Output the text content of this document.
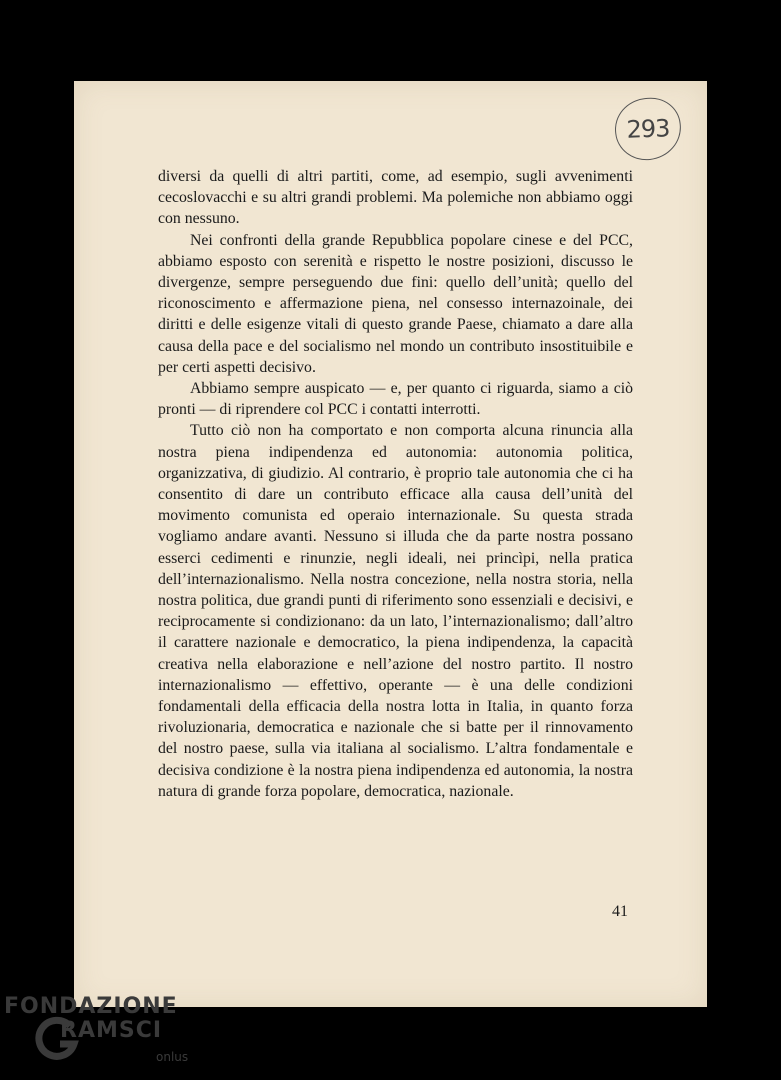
293

diversi da quelli di altri partiti, come, ad esempio, sugli avvenimenti cecoslovacchi e su altri grandi problemi. Ma polemiche non abbiamo oggi con nessuno.

Nei confronti della grande Repubblica popolare cinese e del PCC, abbiamo esposto con serenità e rispetto le nostre posizioni, discusso le divergenze, sempre perseguendo due fini: quello dell’unità; quello del riconoscimento e affermazione piena, nel consesso internazoinale, dei diritti e delle esigenze vitali di questo grande Paese, chiamato a dare alla causa della pace e del socialismo nel mondo un contributo insostituibile e per certi aspetti decisivo.

Abbiamo sempre auspicato — e, per quanto ci riguarda, siamo a ciò pronti — di riprendere col PCC i contatti interrotti.

Tutto ciò non ha comportato e non comporta alcuna rinuncia alla nostra piena indipendenza ed autonomia: autonomia politica, organizzativa, di giudizio. Al contrario, è proprio tale autonomia che ci ha consentito di dare un contributo efficace alla causa dell’unità del movimento comunista ed operaio internazionale. Su questa strada vogliamo andare avanti. Nessuno si illuda che da parte nostra possano esserci cedimenti e rinunzie, negli ideali, nei princìpi, nella pratica dell’internazionalismo. Nella nostra concezione, nella nostra storia, nella nostra politica, due grandi punti di riferimento sono essenziali e decisivi, e reciprocamente si condizionano: da un lato, l’internazionalismo; dall’altro il carattere nazionale e democratico, la piena indipendenza, la capacità creativa nella elaborazione e nell’azione del nostro partito. Il nostro internazionalismo — effettivo, operante — è una delle condizioni fondamentali della efficacia della nostra lotta in Italia, in quanto forza rivoluzionaria, democratica e nazionale che si batte per il rinnovamento del nostro paese, sulla via italiana al socialismo. L’altra fondamentale e decisiva condizione è la nostra piena indipendenza ed autonomia, la nostra natura di grande forza popolare, democratica, nazionale.

41
FONDAZIONE
RAMSCI
onlus
